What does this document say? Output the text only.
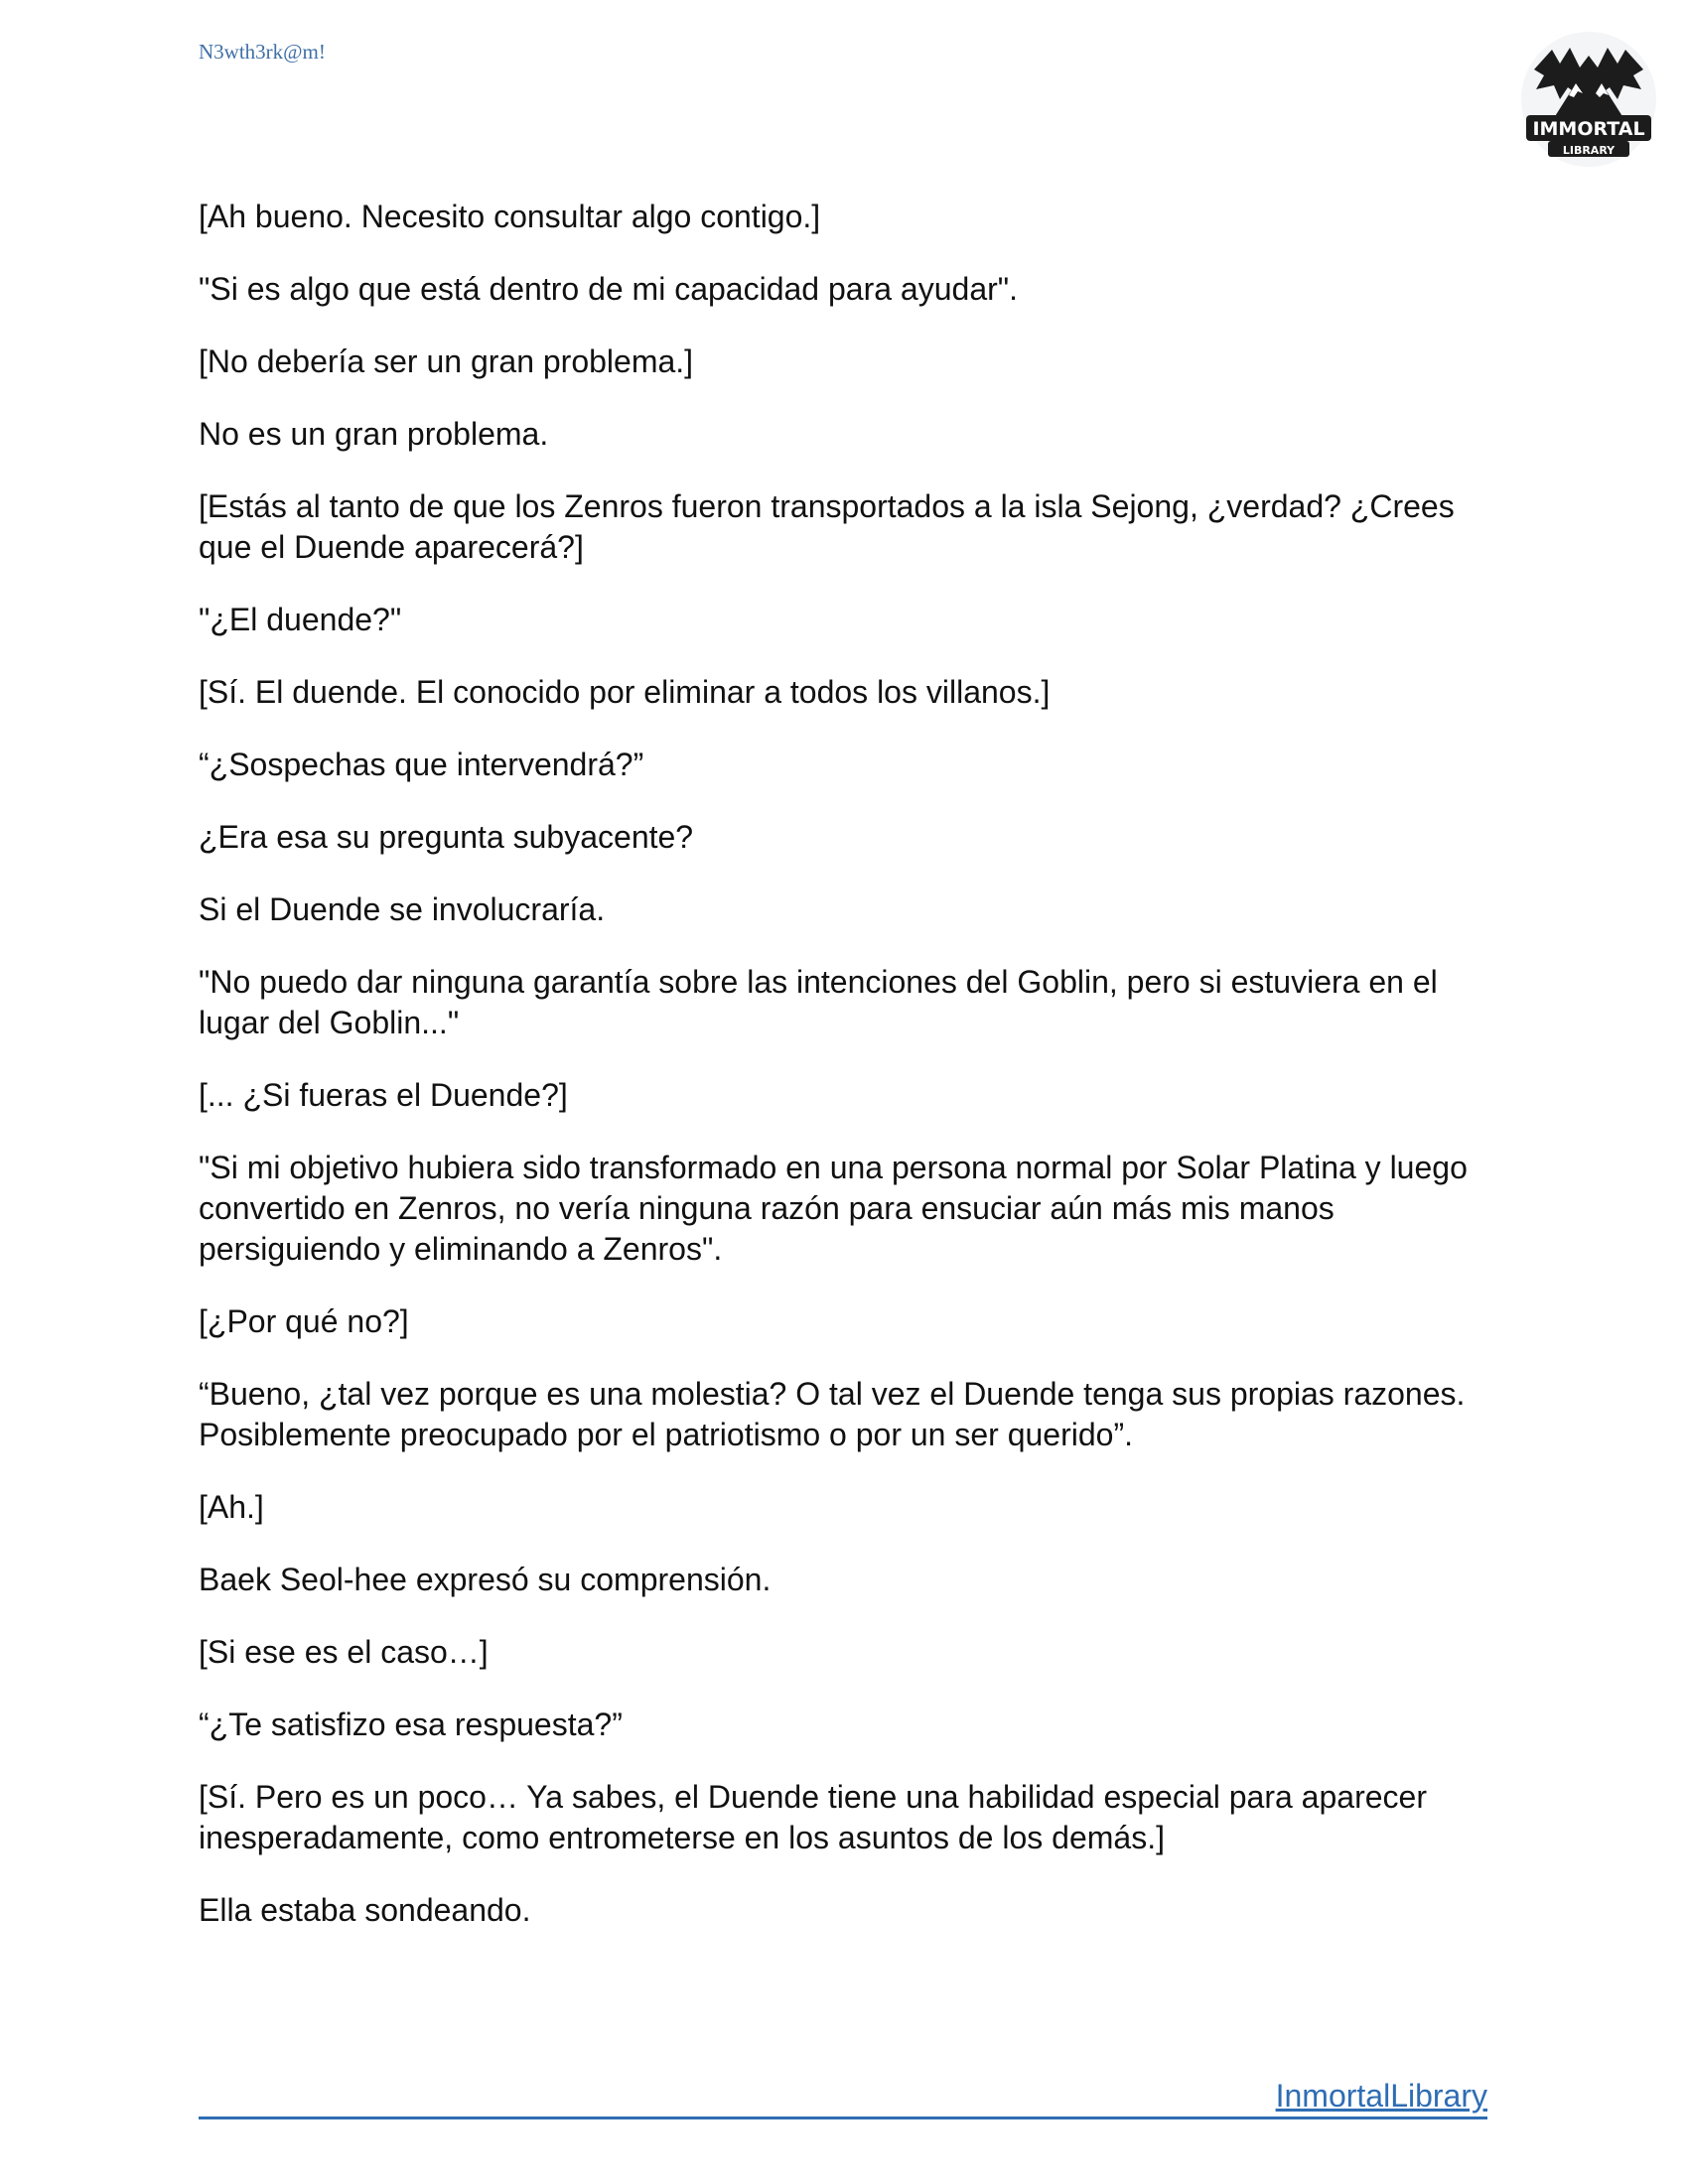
N3wth3rk@m!
IMMORTAL
LIBRARY

[Ah bueno. Necesito consultar algo contigo.]

"Si es algo que está dentro de mi capacidad para ayudar".

[No debería ser un gran problema.]

No es un gran problema.

[Estás al tanto de que los Zenros fueron transportados a la isla Sejong, ¿verdad? ¿Crees que el Duende aparecerá?]

"¿El duende?"

[Sí. El duende. El conocido por eliminar a todos los villanos.]

“¿Sospechas que intervendrá?”

¿Era esa su pregunta subyacente?

Si el Duende se involucraría.

"No puedo dar ninguna garantía sobre las intenciones del Goblin, pero si estuviera en el lugar del Goblin..."

[... ¿Si fueras el Duende?]

"Si mi objetivo hubiera sido transformado en una persona normal por Solar Platina y luego convertido en Zenros, no vería ninguna razón para ensuciar aún más mis manos persiguiendo y eliminando a Zenros".

[¿Por qué no?]

“Bueno, ¿tal vez porque es una molestia? O tal vez el Duende tenga sus propias razones. Posiblemente preocupado por el patriotismo o por un ser querido”.

[Ah.]

Baek Seol-hee expresó su comprensión.

[Si ese es el caso…]

“¿Te satisfizo esa respuesta?”

[Sí. Pero es un poco… Ya sabes, el Duende tiene una habilidad especial para aparecer inesperadamente, como entrometerse en los asuntos de los demás.]

Ella estaba sondeando.

InmortalLibrary
